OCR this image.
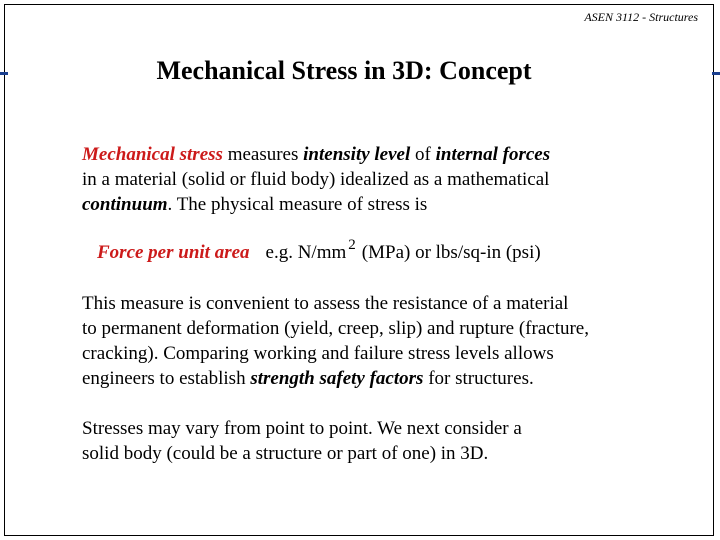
ASEN 3112 - Structures
Mechanical Stress in 3D: Concept
Mechanical stress measures intensity level of internal forces
in a material (solid or fluid body) idealized as a mathematical
continuum. The physical measure of stress is
Force per unit area e.g. N/mm $^2$ (MPa) or lbs/sq-in (psi)
This measure is convenient to assess the resistance of a material
to permanent deformation (yield, creep, slip) and rupture (fracture,
cracking). Comparing working and failure stress levels allows
engineers to establish strength safety factors for structures.
Stresses may vary from point to point. We next consider a
solid body (could be a structure or part of one) in 3D.
